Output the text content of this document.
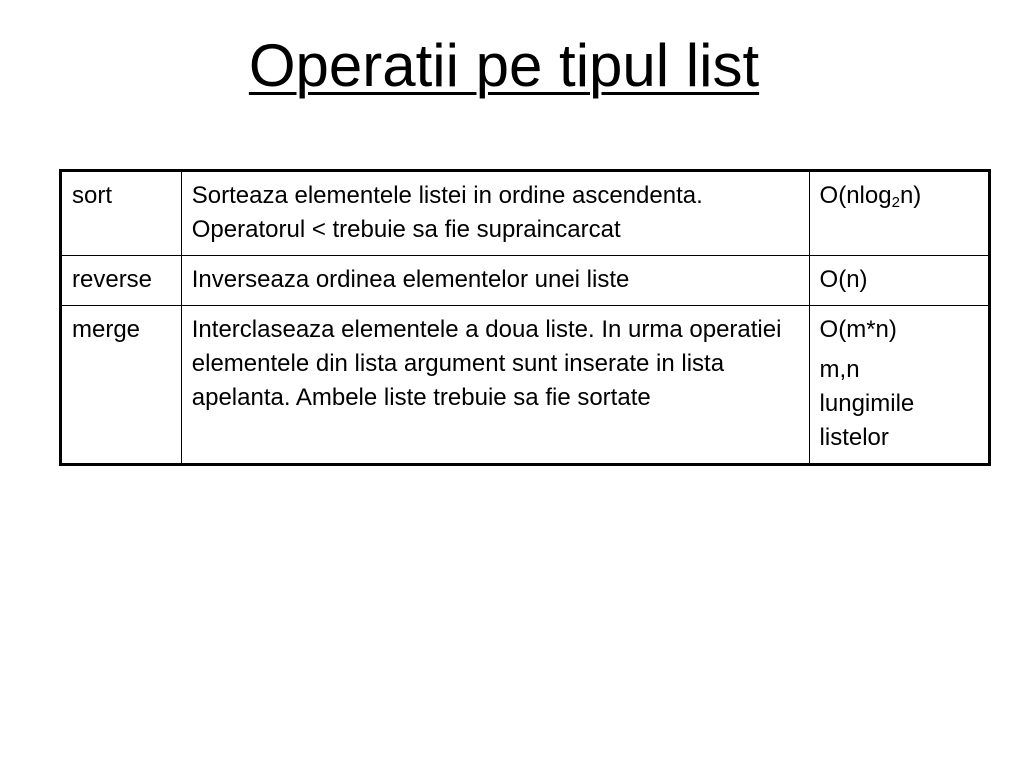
Operatii pe tipul list
sort	Sorteaza elementele listei in ordine ascendenta. Operatorul < trebuie sa fie supraincarcat	O(nlog$_2$n)
reverse	Inverseaza ordinea elementelor unei liste	O(n)
merge	Interclaseaza elementele a doua liste. In urma operatiei elementele din lista argument sunt inserate in lista apelanta. Ambele liste trebuie sa fie sortate	O(m*n)
m,n lungimile listelor
